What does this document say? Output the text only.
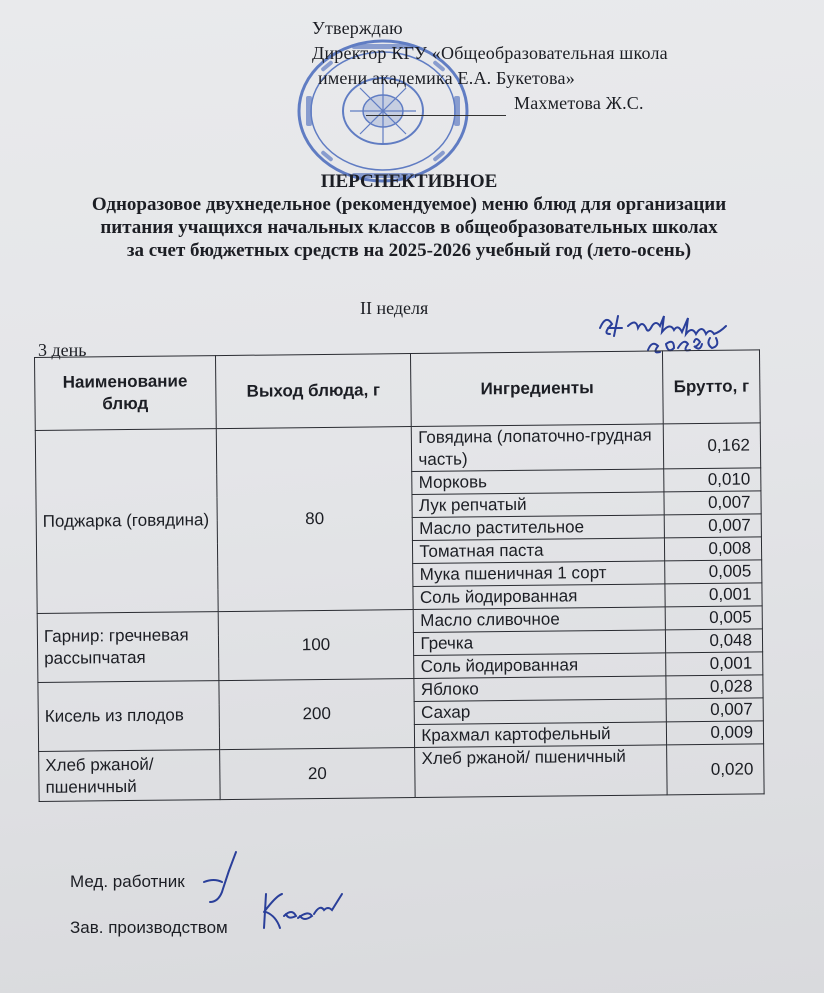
Утверждаю
Директор КГУ «Общеобразовательная школа
имени академика Е.А. Букетова»
Махметова Ж.С.
ПЕРСПЕКТИВНОЕ
Одноразовое двухнедельное (рекомендуемое) меню блюд для организации
питания учащихся начальных классов в общеобразовательных школах
за счет бюджетных средств на 2025-2026 учебный год (лето-осень)
II неделя
3 день
Наименование блюд	Выход блюда, г	Ингредиенты	Брутто, г
Поджарка (говядина)	80	Говядина (лопаточно-грудная часть)	0,162
		Морковь	0,010
		Лук репчатый	0,007
		Масло растительное	0,007
		Томатная паста	0,008
		Мука пшеничная 1 сорт	0,005
		Соль йодированная	0,001
Гарнир: гречневая рассыпчатая	100	Масло сливочное	0,005
		Гречка	0,048
		Соль йодированная	0,001
Кисель из плодов	200	Яблоко	0,028
		Сахар	0,007
		Крахмал картофельный	0,009
Хлеб ржаной/ пшеничный	20	Хлеб ржаной/ пшеничный	0,020
Мед. работник
Зав. производством
